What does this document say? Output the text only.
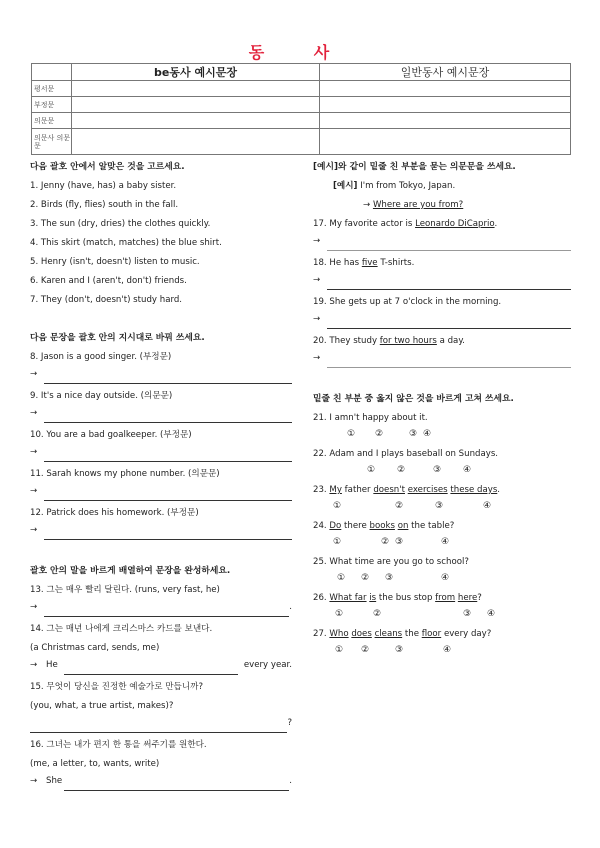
동 사
	be동사 예시문장	일반동사 예시문장
평서문		
부정문		
의문문		
의문사 의문문		
다음 괄호 안에서 알맞은 것을 고르세요.
1. Jenny (have, has) a baby sister.
2. Birds (fly, flies) south in the fall.
3. The sun (dry, dries) the clothes quickly.
4. This skirt (match, matches) the blue shirt.
5. Henry (isn't, doesn't) listen to music.
6. Karen and I (aren't, don't) friends.
7. They (don't, doesn't) study hard.
다음 문장을 괄호 안의 지시대로 바꿔 쓰세요.
8. Jason is a good singer. (부정문)
→
9. It's a nice day outside. (의문문)
→
10. You are a bad goalkeeper. (부정문)
→
11. Sarah knows my phone number. (의문문)
→
12. Patrick does his homework. (부정문)
→
괄호 안의 말을 바르게 배열하여 문장을 완성하세요.
13. 그는 매우 빨리 달린다. (runs, very fast, he)
→	.
14. 그는 매년 나에게 크리스마스 카드를 보낸다.
(a Christmas card, sends, me)
→	He	every year.
15. 무엇이 당신을 진정한 예술가로 만듭니까?
(you, what, a true artist, makes)?
?
16. 그녀는 내가 편지 한 통을 써주기를 원한다.
(me, a letter, to, wants, write)
→	She	.
[예시]와 같이 밑줄 친 부분을 묻는 의문문을 쓰세요.
[예시] I'm from Tokyo, Japan.
→ Where are you from?
17. My favorite actor is Leonardo DiCaprio.
→
18. He has five T-shirts.
→
19. She gets up at 7 o'clock in the morning.
→
20. They study for two hours a day.
→
밑줄 친 부분 중 옳지 않은 것을 바르게 고쳐 쓰세요.
21. I amn't happy about it.
① ②	③ ④
22. Adam and I plays baseball on Sundays.
① ②	③ ④
23. My father doesn't exercises these days.
①	②	③	④
24. Do there books on the table?
①	② ③	④
25. What time are you go to school?
① ② ③	④
26. What far is the bus stop from here?
①	②	③ ④
27. Who does cleans the floor every day?
① ②	③	④
